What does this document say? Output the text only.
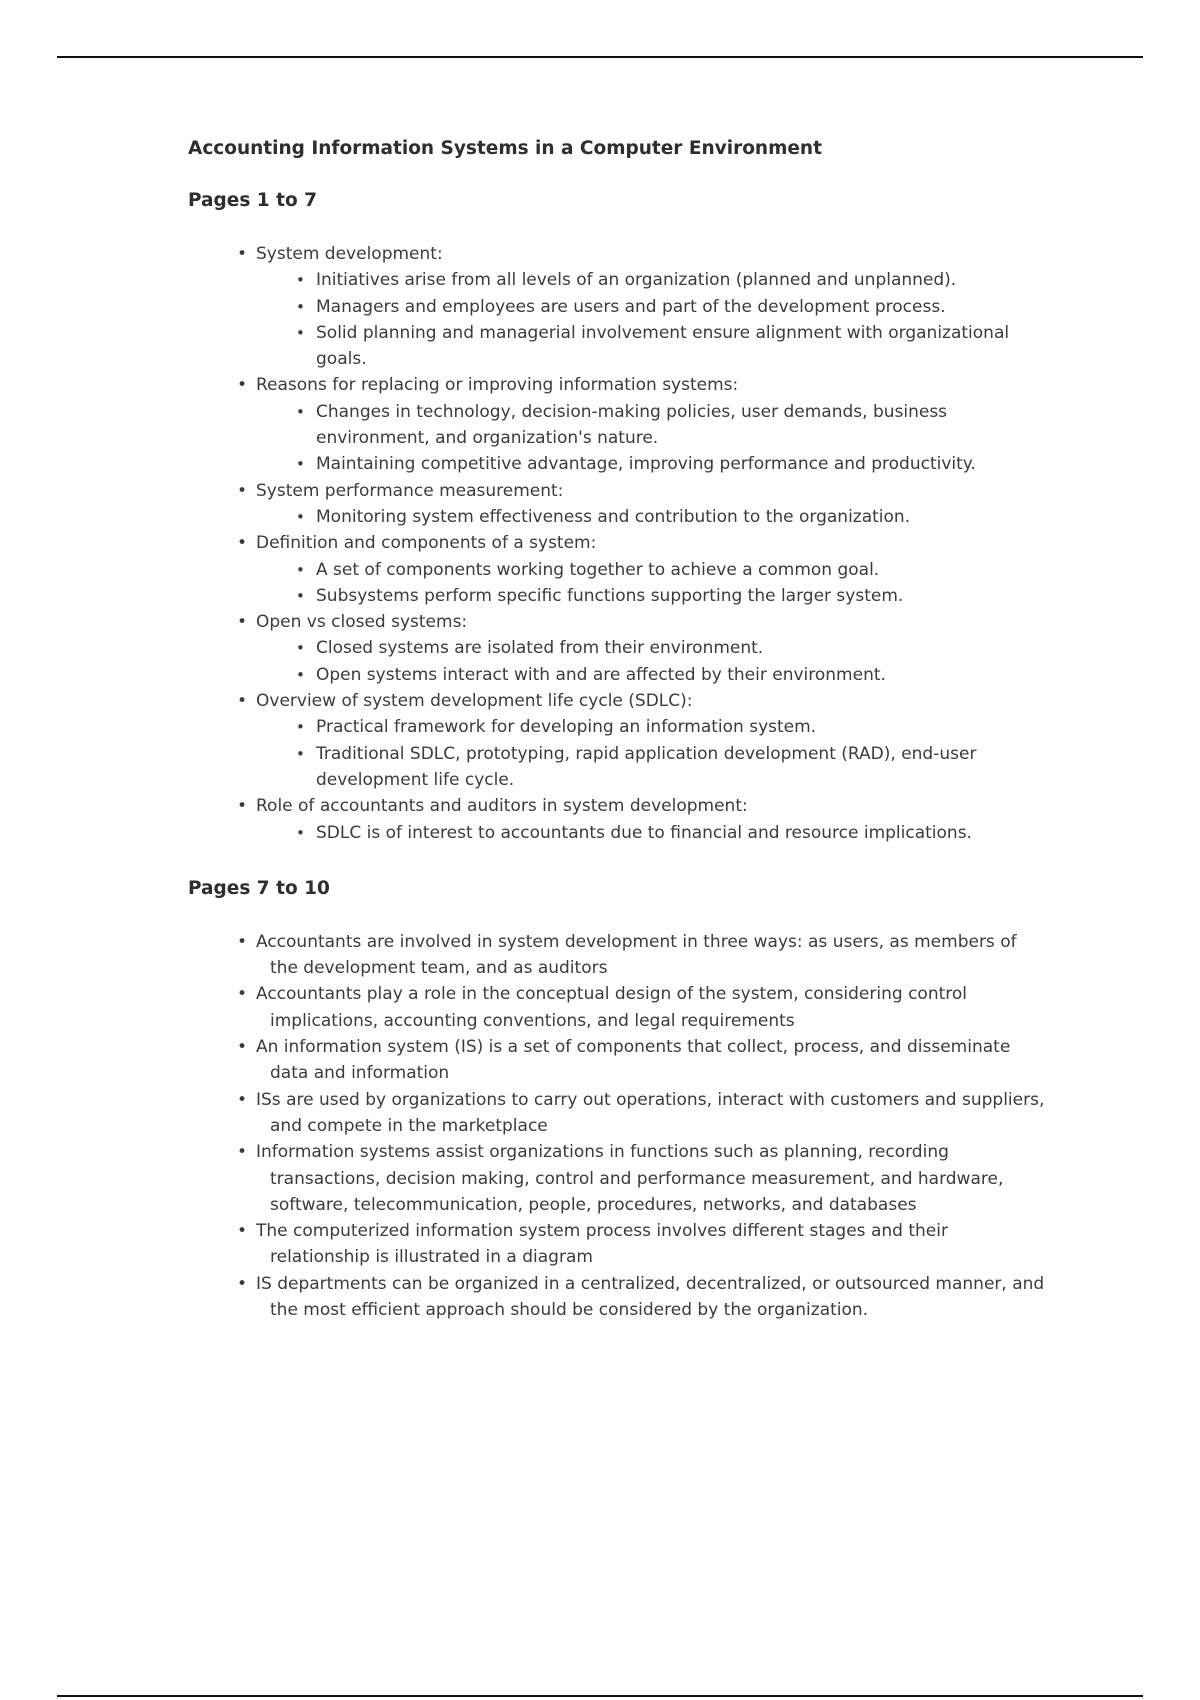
Accounting Information Systems in a Computer Environment
Pages 1 to 7
• System development:
• Initiatives arise from all levels of an organization (planned and unplanned).
• Managers and employees are users and part of the development process.
• Solid planning and managerial involvement ensure alignment with organizational goals.
• Reasons for replacing or improving information systems:
• Changes in technology, decision-making policies, user demands, business environment, and organization's nature.
• Maintaining competitive advantage, improving performance and productivity.
• System performance measurement:
• Monitoring system effectiveness and contribution to the organization.
• Definition and components of a system:
• A set of components working together to achieve a common goal.
• Subsystems perform specific functions supporting the larger system.
• Open vs closed systems:
• Closed systems are isolated from their environment.
• Open systems interact with and are affected by their environment.
• Overview of system development life cycle (SDLC):
• Practical framework for developing an information system.
• Traditional SDLC, prototyping, rapid application development (RAD), end-user development life cycle.
• Role of accountants and auditors in system development:
• SDLC is of interest to accountants due to financial and resource implications.
Pages 7 to 10
• Accountants are involved in system development in three ways: as users, as members of the development team, and as auditors
• Accountants play a role in the conceptual design of the system, considering control implications, accounting conventions, and legal requirements
• An information system (IS) is a set of components that collect, process, and disseminate data and information
• ISs are used by organizations to carry out operations, interact with customers and suppliers, and compete in the marketplace
• Information systems assist organizations in functions such as planning, recording transactions, decision making, control and performance measurement, and hardware, software, telecommunication, people, procedures, networks, and databases
• The computerized information system process involves different stages and their relationship is illustrated in a diagram
• IS departments can be organized in a centralized, decentralized, or outsourced manner, and the most efficient approach should be considered by the organization.
